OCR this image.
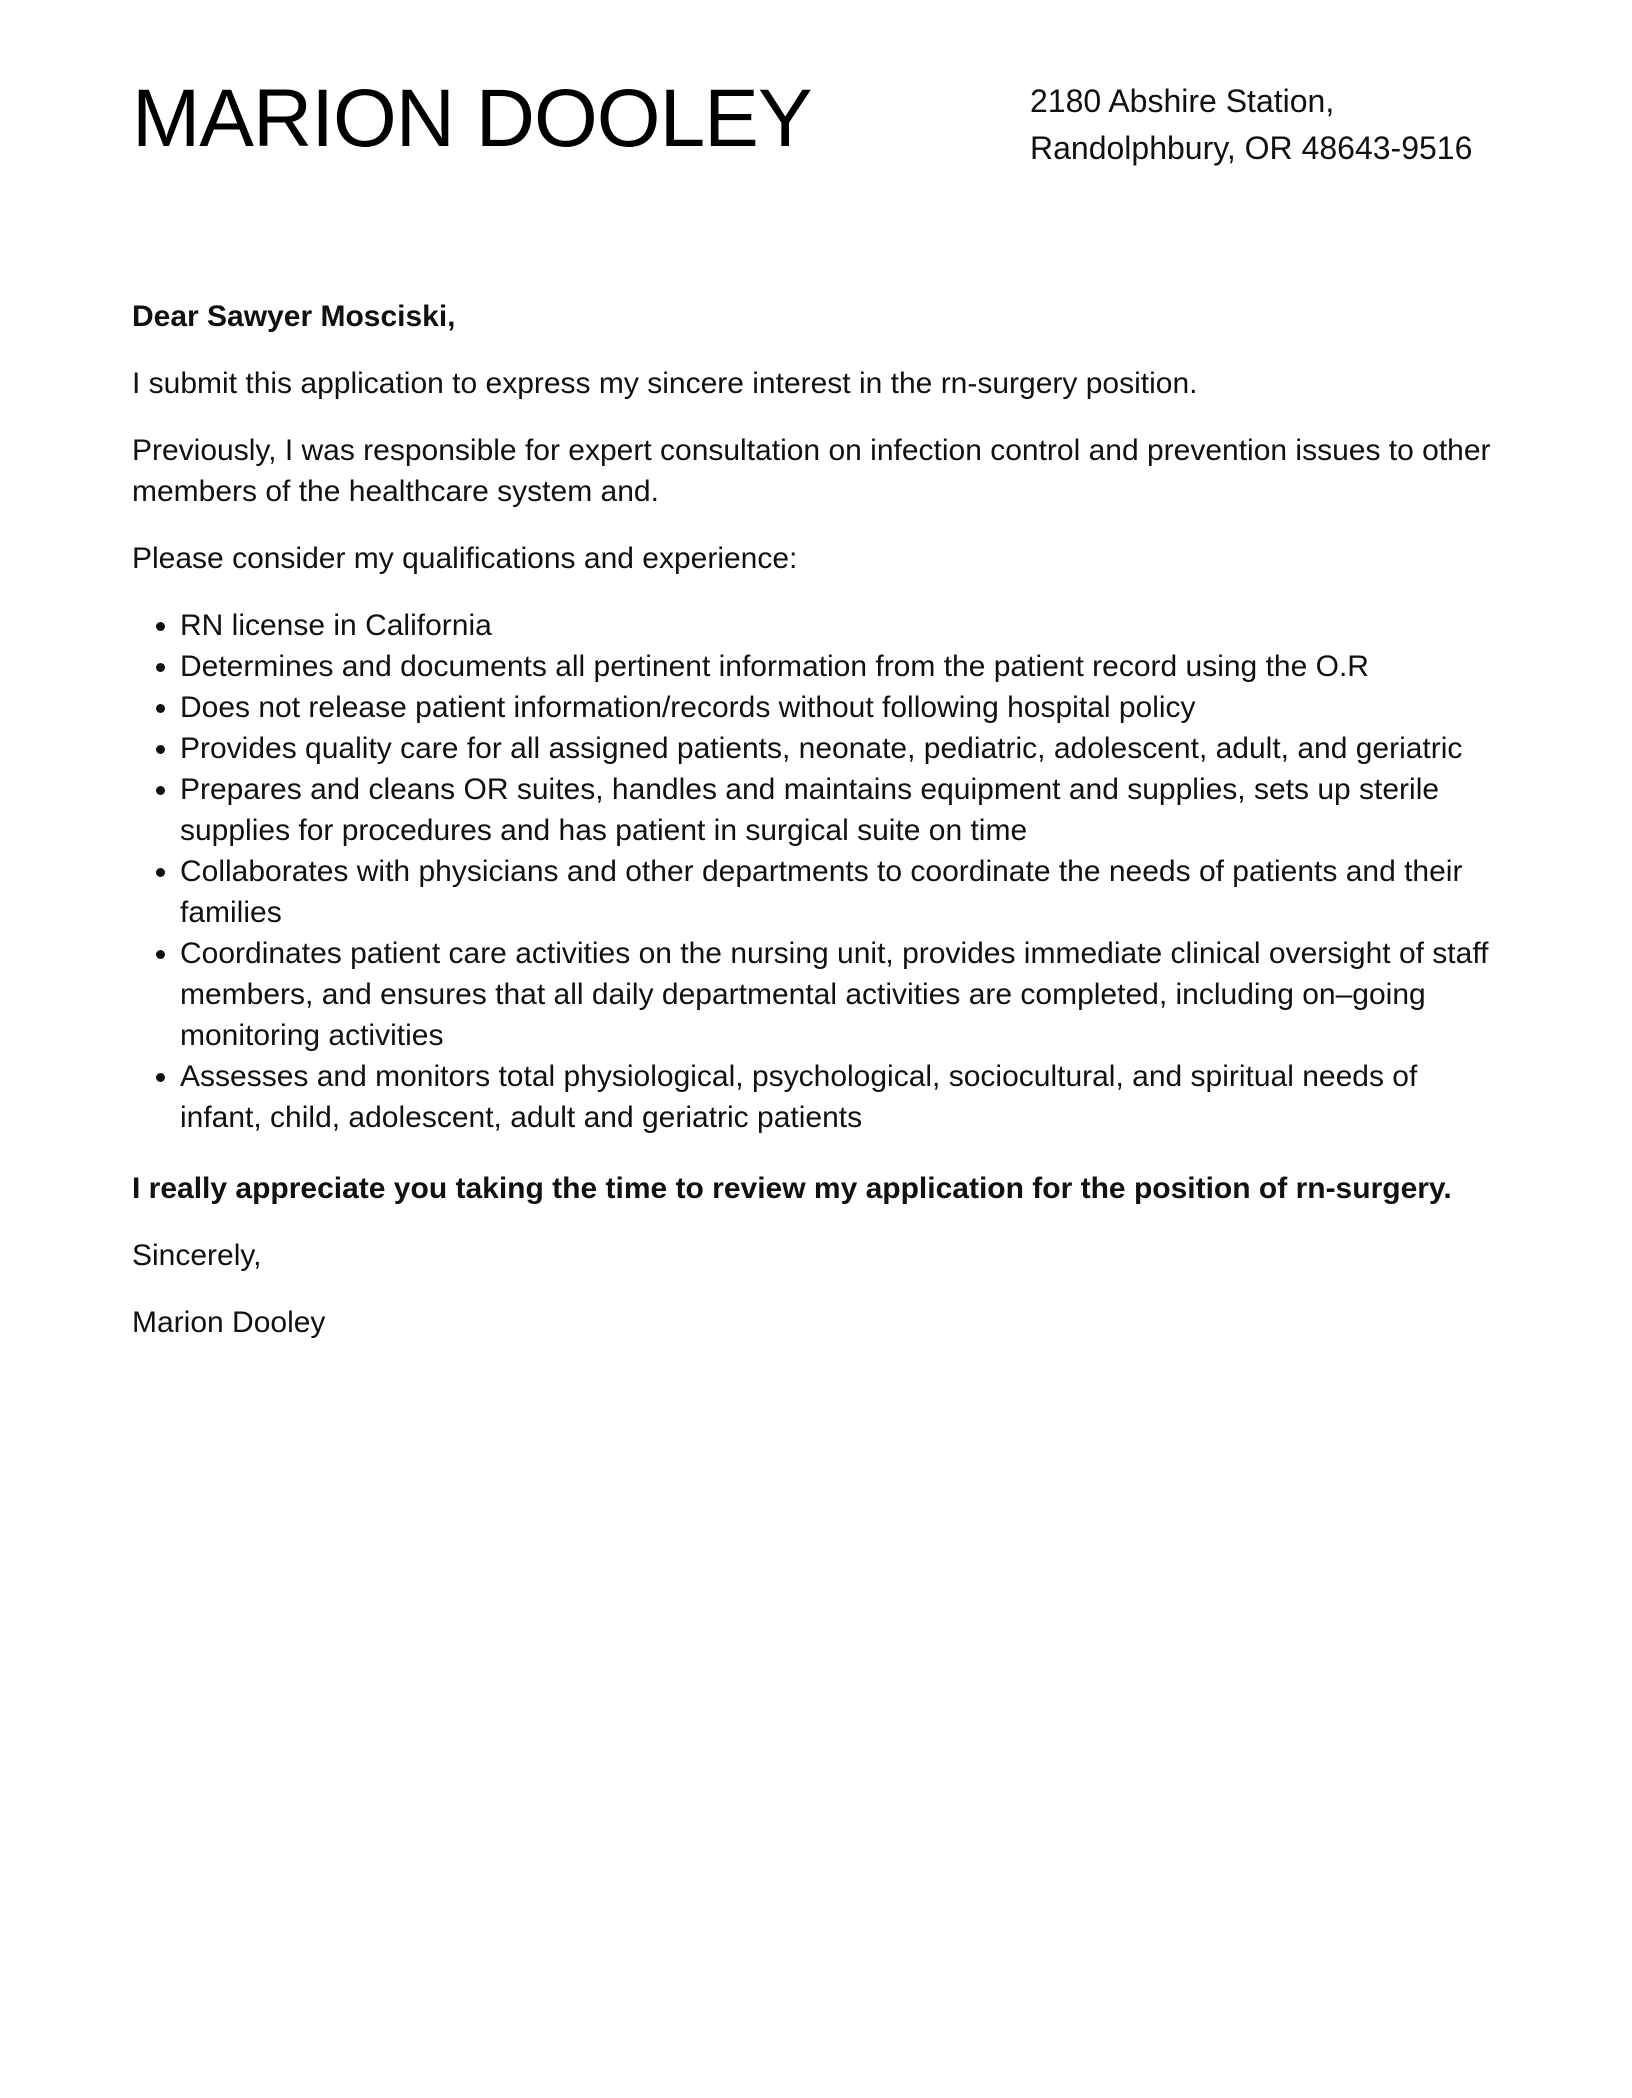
MARION DOOLEY	2180 Abshire Station,
Randolphbury, OR 48643-9516

Dear Sawyer Mosciski,

I submit this application to express my sincere interest in the rn-surgery position.

Previously, I was responsible for expert consultation on infection control and prevention issues to other members of the healthcare system and.

Please consider my qualifications and experience:

• RN license in California
• Determines and documents all pertinent information from the patient record using the O.R
• Does not release patient information/records without following hospital policy
• Provides quality care for all assigned patients, neonate, pediatric, adolescent, adult, and geriatric
• Prepares and cleans OR suites, handles and maintains equipment and supplies, sets up sterile supplies for procedures and has patient in surgical suite on time
• Collaborates with physicians and other departments to coordinate the needs of patients and their families
• Coordinates patient care activities on the nursing unit, provides immediate clinical oversight of staff members, and ensures that all daily departmental activities are completed, including on–going monitoring activities
• Assesses and monitors total physiological, psychological, sociocultural, and spiritual needs of infant, child, adolescent, adult and geriatric patients

I really appreciate you taking the time to review my application for the position of rn-surgery.

Sincerely,

Marion Dooley
